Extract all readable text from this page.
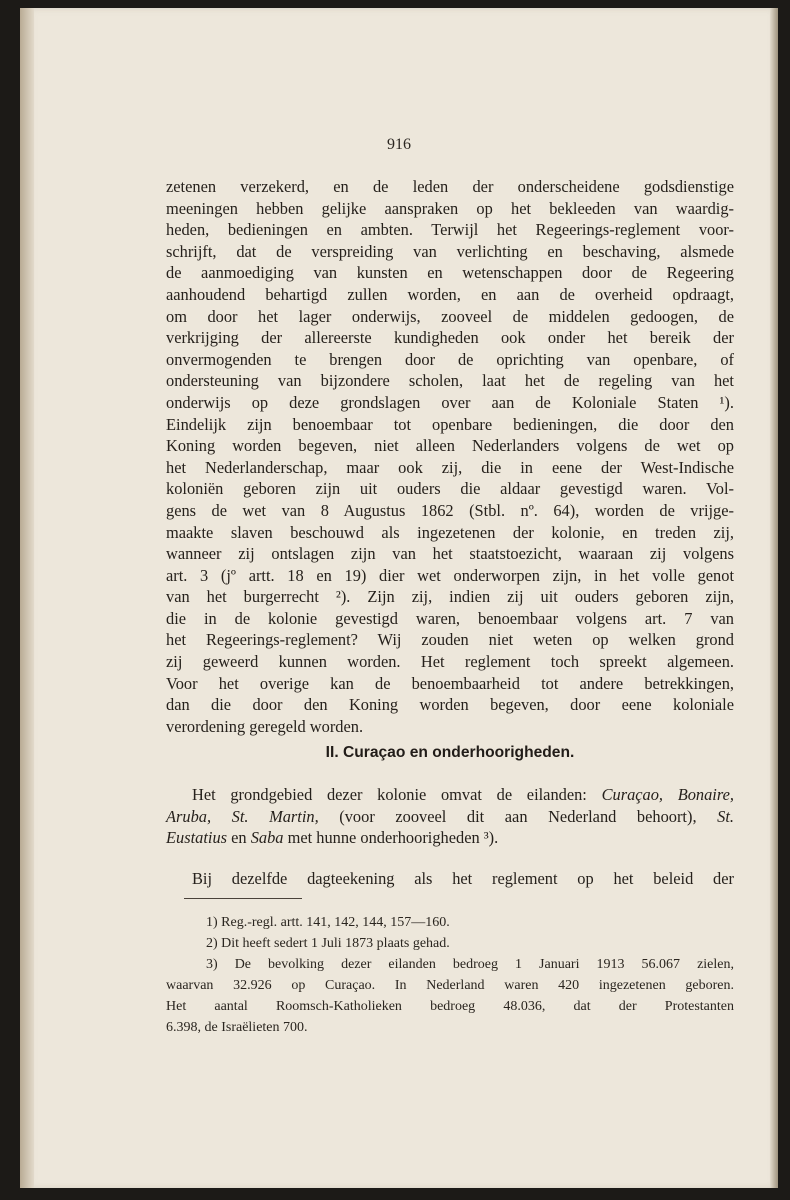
916

zetenen verzekerd, en de leden der onderscheidene godsdienstige

meeningen hebben gelijke aanspraken op het bekleeden van waardig-

heden, bedieningen en ambten. Terwijl het Regeerings-reglement voor-

schrijft, dat de verspreiding van verlichting en beschaving, alsmede

de aanmoediging van kunsten en wetenschappen door de Regeering

aanhoudend behartigd zullen worden, en aan de overheid opdraagt,

om door het lager onderwijs, zooveel de middelen gedoogen, de

verkrijging der allereerste kundigheden ook onder het bereik der

onvermogenden te brengen door de oprichting van openbare, of

ondersteuning van bijzondere scholen, laat het de regeling van het

onderwijs op deze grondslagen over aan de Koloniale Staten ¹).

Eindelijk zijn benoembaar tot openbare bedieningen, die door den

Koning worden begeven, niet alleen Nederlanders volgens de wet op

het Nederlanderschap, maar ook zij, die in eene der West-Indische

koloniën geboren zijn uit ouders die aldaar gevestigd waren. Vol-

gens de wet van 8 Augustus 1862 (Stbl. nº. 64), worden de vrijge-

maakte slaven beschouwd als ingezetenen der kolonie, en treden zij,

wanneer zij ontslagen zijn van het staatstoezicht, waaraan zij volgens

art. 3 (jº artt. 18 en 19) dier wet onderworpen zijn, in het volle genot

van het burgerrecht ²). Zijn zij, indien zij uit ouders geboren zijn,

die in de kolonie gevestigd waren, benoembaar volgens art. 7 van

het Regeerings-reglement? Wij zouden niet weten op welken grond

zij geweerd kunnen worden. Het reglement toch spreekt algemeen.

Voor het overige kan de benoembaarheid tot andere betrekkingen,

dan die door den Koning worden begeven, door eene koloniale

verordening geregeld worden.

II. Curaçao en onderhoorigheden.

Het grondgebied dezer kolonie omvat de eilanden: Curaçao, Bonaire,

Aruba, St. Martin, (voor zooveel dit aan Nederland behoort), St.

Eustatius en Saba met hunne onderhoorigheden ³).

Bij dezelfde dagteekening als het reglement op het beleid der

1) Reg.-regl. artt. 141, 142, 144, 157—160.

2) Dit heeft sedert 1 Juli 1873 plaats gehad.

3) De bevolking dezer eilanden bedroeg 1 Januari 1913 56.067 zielen,

waarvan 32.926 op Curaçao. In Nederland waren 420 ingezetenen geboren.

Het aantal Roomsch-Katholieken bedroeg 48.036, dat der Protestanten

6.398, de Israëlieten 700.
